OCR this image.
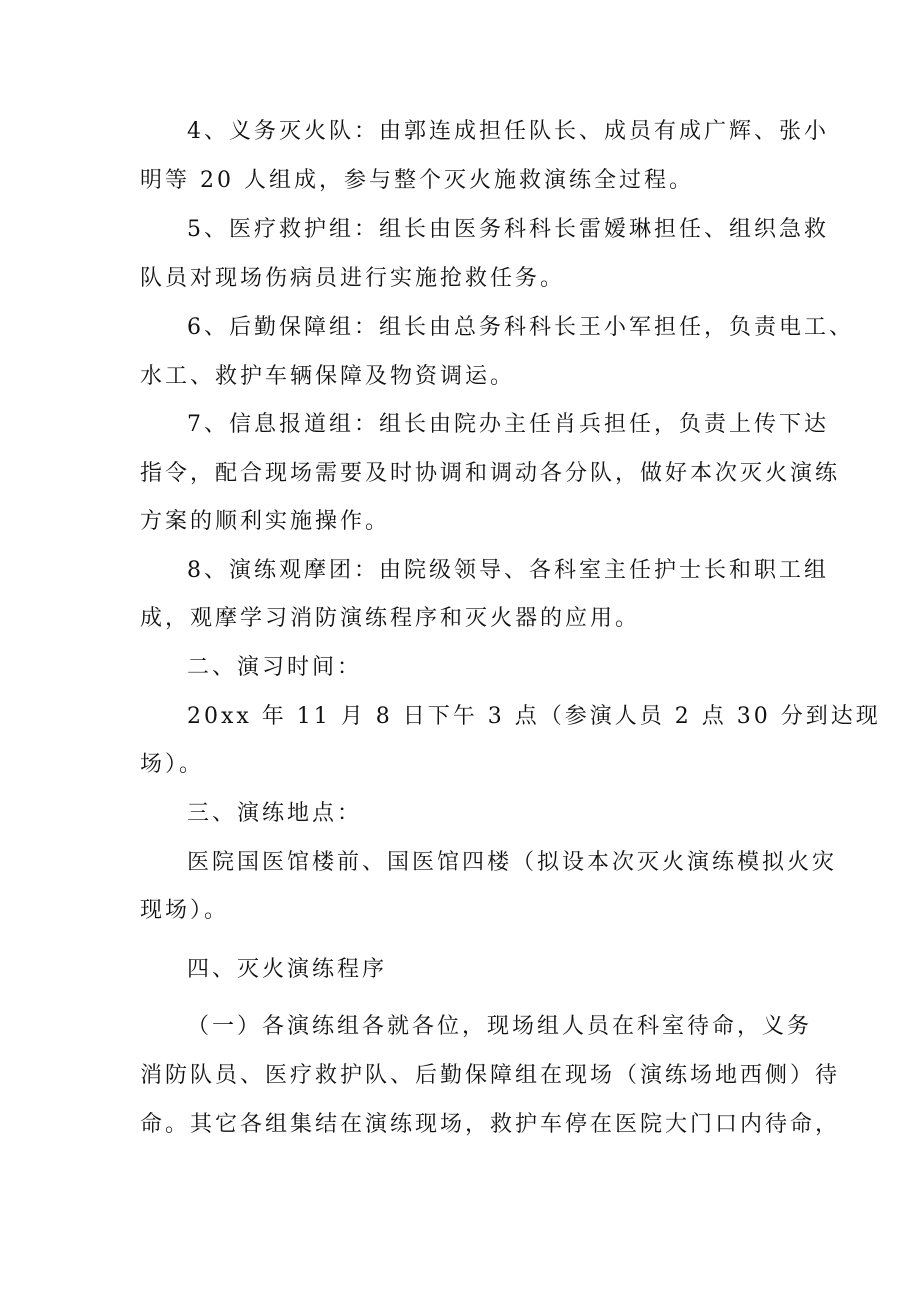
4、义务灭火队：由郭连成担任队长、成员有成广辉、张小

明等 20 人组成，参与整个灭火施救演练全过程。

5、医疗救护组：组长由医务科科长雷嫒琳担任、组织急救

队员对现场伤病员进行实施抢救任务。

6、后勤保障组：组长由总务科科长王小军担任，负责电工、

水工、救护车辆保障及物资调运。

7、信息报道组：组长由院办主任肖兵担任，负责上传下达

指令，配合现场需要及时协调和调动各分队，做好本次灭火演练

方案的顺利实施操作。

8、演练观摩团：由院级领导、各科室主任护士长和职工组

成，观摩学习消防演练程序和灭火器的应用。

二、演习时间：

20xx 年 11 月 8 日下午 3 点（参演人员 2 点 30 分到达现

场）。

三、演练地点：

医院国医馆楼前、国医馆四楼（拟设本次灭火演练模拟火灾

现场）。

四、灭火演练程序

（一）各演练组各就各位，现场组人员在科室待命，义务

消防队员、医疗救护队、后勤保障组在现场（演练场地西侧）待

命。其它各组集结在演练现场，救护车停在医院大门口内待命，
